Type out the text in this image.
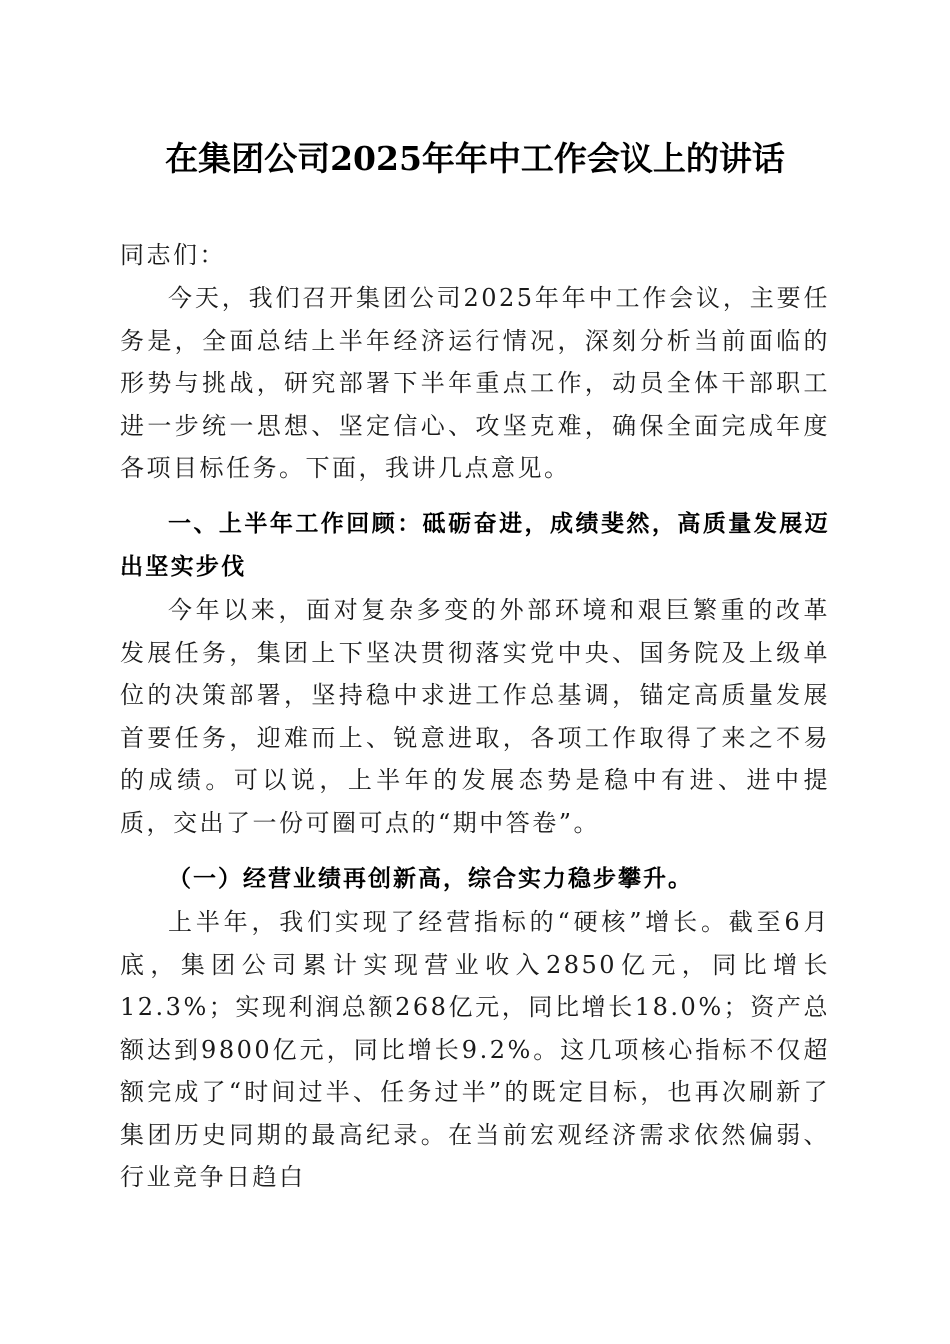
在集团公司2025年年中工作会议上的讲话
同志们：

今天，我们召开集团公司2025年年中工作会议，主要任务是，全面总结上半年经济运行情况，深刻分析当前面临的形势与挑战，研究部署下半年重点工作，动员全体干部职工进一步统一思想、坚定信心、攻坚克难，确保全面完成年度各项目标任务。下面，我讲几点意见。

一、上半年工作回顾：砥砺奋进，成绩斐然，高质量发展迈出坚实步伐

今年以来，面对复杂多变的外部环境和艰巨繁重的改革发展任务，集团上下坚决贯彻落实党中央、国务院及上级单位的决策部署，坚持稳中求进工作总基调，锚定高质量发展首要任务，迎难而上、锐意进取，各项工作取得了来之不易的成绩。可以说，上半年的发展态势是稳中有进、进中提质，交出了一份可圈可点的“期中答卷”。

（一）经营业绩再创新高，综合实力稳步攀升。

上半年，我们实现了经营指标的“硬核”增长。截至6月底，集团公司累计实现营业收入2850亿元，同比增长12.3%；实现利润总额268亿元，同比增长18.0%；资产总额达到9800亿元，同比增长9.2%。这几项核心指标不仅超额完成了“时间过半、任务过半”的既定目标，也再次刷新了集团历史同期的最高纪录。在当前宏观经济需求依然偏弱、行业竞争日趋白
